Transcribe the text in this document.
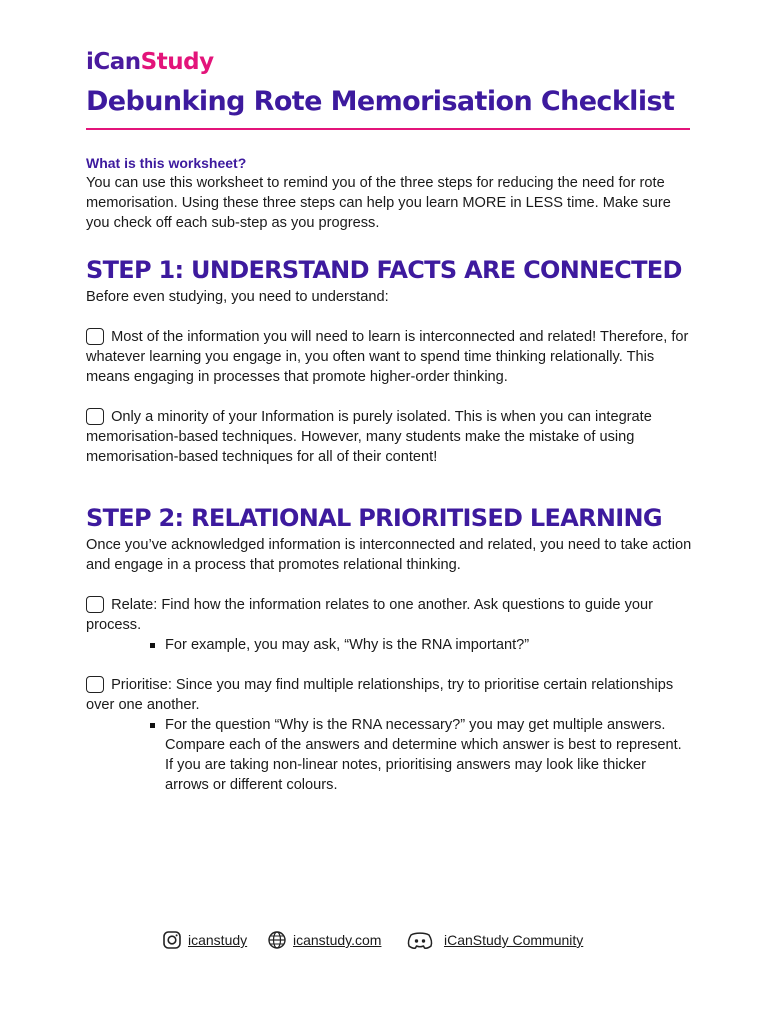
iCanStudy
Debunking Rote Memorisation Checklist
What is this worksheet?

You can use this worksheet to remind you of the three steps for reducing the need for rote memorisation. Using these three steps can help you learn MORE in LESS time. Make sure you check off each sub-step as you progress.

STEP 1: UNDERSTAND FACTS ARE CONNECTED

Before even studying, you need to understand:

Most of the information you will need to learn is interconnected and related! Therefore, for whatever learning you engage in, you often want to spend time thinking relationally. This means engaging in processes that promote higher-order thinking.

Only a minority of your Information is purely isolated. This is when you can integrate memorisation-based techniques. However, many students make the mistake of using memorisation-based techniques for all of their content!

STEP 2: RELATIONAL PRIORITISED LEARNING

Once you’ve acknowledged information is interconnected and related, you need to take action and engage in a process that promotes relational thinking.

Relate: Find how the information relates to one another. Ask questions to guide your process.

For example, you may ask, “Why is the RNA important?”

Prioritise: Since you may find multiple relationships, try to prioritise certain relationships over one another.

For the question “Why is the RNA necessary?” you may get multiple answers. Compare each of the answers and determine which answer is best to represent. If you are taking non-linear notes, prioritising answers may look like thicker arrows or different colours.

icanstudy	icanstudy.com	iCanStudy Community
